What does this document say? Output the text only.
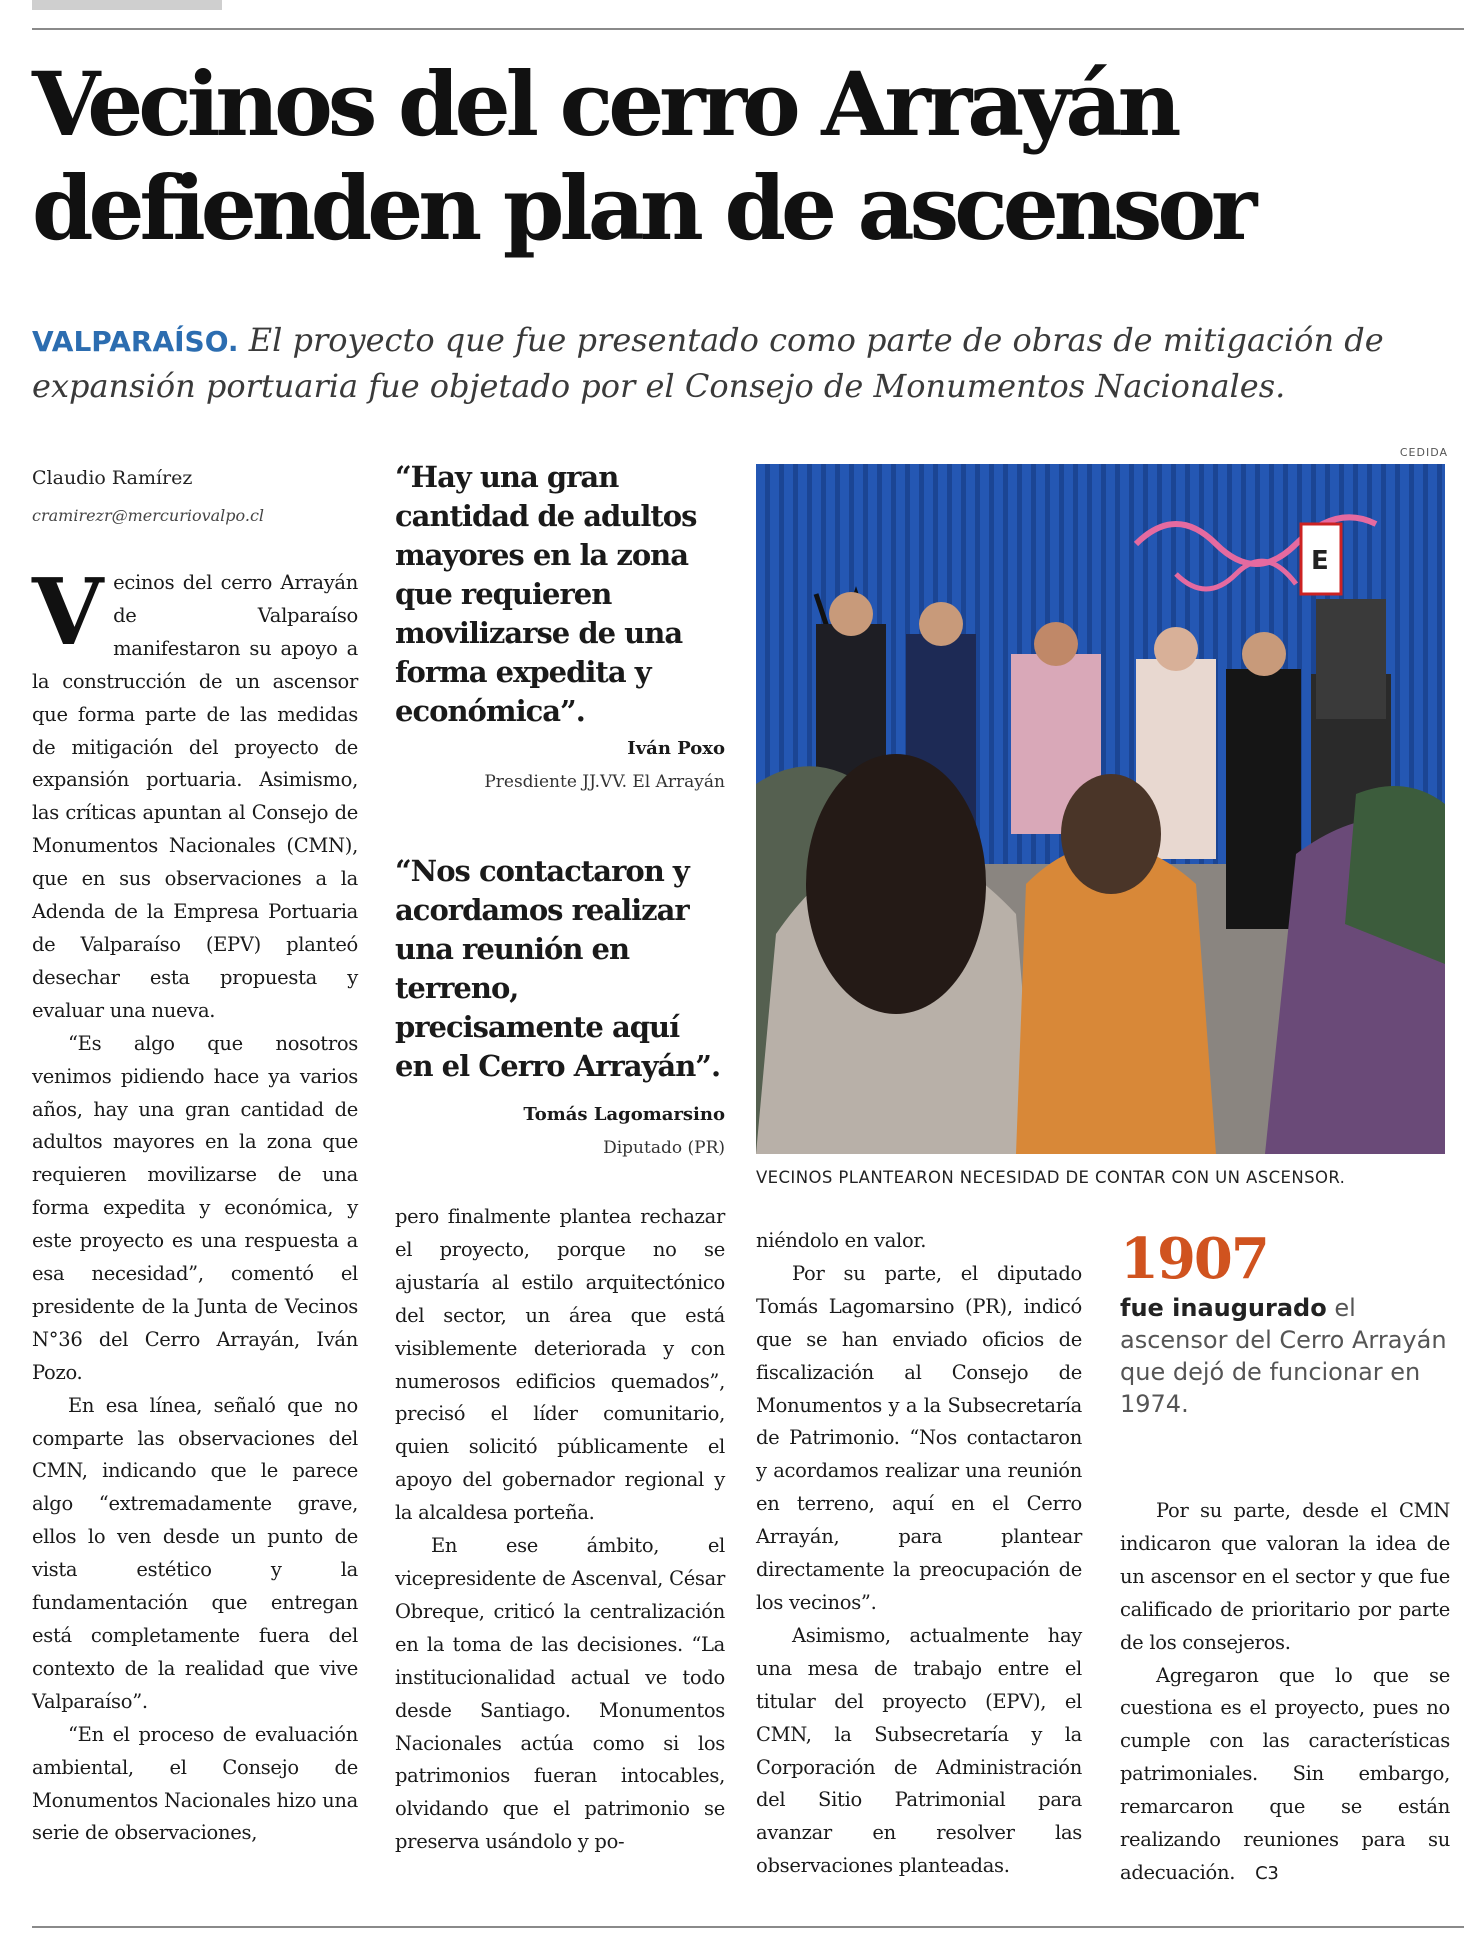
Vecinos del cerro Arrayán defienden plan de ascensor

VALPARAÍSO. El proyecto que fue presentado como parte de obras de mitigación de expansión portuaria fue objetado por el Consejo de Monumentos Nacionales.

Claudio Ramírez
cramirezr@mercuriovalpo.cl

Vecinos del cerro Arrayán de Valparaíso manifestaron su apoyo a la construcción de un ascensor que forma parte de las medidas de mitigación del proyecto de expansión portuaria. Asimismo, las críticas apuntan al Consejo de Monumentos Nacionales (CMN), que en sus observaciones a la Adenda de la Empresa Portuaria de Valparaíso (EPV) planteó desechar esta propuesta y evaluar una nueva.

“Es algo que nosotros venimos pidiendo hace ya varios años, hay una gran cantidad de adultos mayores en la zona que requieren movilizarse de una forma expedita y económica, y este proyecto es una respuesta a esa necesidad”, comentó el presidente de la Junta de Vecinos N°36 del Cerro Arrayán, Iván Pozo.

En esa línea, señaló que no comparte las observaciones del CMN, indicando que le parece algo “extremadamente grave, ellos lo ven desde un punto de vista estético y la fundamentación que entregan está completamente fuera del contexto de la realidad que vive Valparaíso”.

“En el proceso de evaluación ambiental, el Consejo de Monumentos Nacionales hizo una serie de observaciones,

“Hay una gran cantidad de adultos mayores en la zona que requieren movilizarse de una forma expedita y económica”.

Iván Poxo
Presdiente JJ.VV. El Arrayán

“Nos contactaron y acordamos realizar una reunión en terreno, precisamente aquí en el Cerro Arrayán”.

Tomás Lagomarsino
Diputado (PR)

pero finalmente plantea rechazar el proyecto, porque no se ajustaría al estilo arquitectónico del sector, un área que está visiblemente deteriorada y con numerosos edificios quemados”, precisó el líder comunitario, quien solicitó públicamente el apoyo del gobernador regional y la alcaldesa porteña.

En ese ámbito, el vicepresidente de Ascenval, César Obreque, criticó la centralización en la toma de las decisiones. “La institucionalidad actual ve todo desde Santiago. Monumentos Nacionales actúa como si los patrimonios fueran intocables, olvidando que el patrimonio se preserva usándolo y po-

CEDIDA
E
VECINOS PLANTEARON NECESIDAD DE CONTAR CON UN ASCENSOR.

niéndolo en valor.

Por su parte, el diputado Tomás Lagomarsino (PR), indicó que se han enviado oficios de fiscalización al Consejo de Monumentos y a la Subsecretaría de Patrimonio. “Nos contactaron y acordamos realizar una reunión en terreno, aquí en el Cerro Arrayán, para plantear directamente la preocupación de los vecinos”.

Asimismo, actualmente hay una mesa de trabajo entre el titular del proyecto (EPV), el CMN, la Subsecretaría y la Corporación de Administración del Sitio Patrimonial para avanzar en resolver las observaciones planteadas.

1907
fue inaugurado el ascensor del Cerro Arrayán que dejó de funcionar en 1974.

Por su parte, desde el CMN indicaron que valoran la idea de un ascensor en el sector y que fue calificado de prioritario por parte de los consejeros.

Agregaron que lo que se cuestiona es el proyecto, pues no cumple con las características patrimoniales. Sin embargo, remarcaron que se están realizando reuniones para su adecuación. C3
